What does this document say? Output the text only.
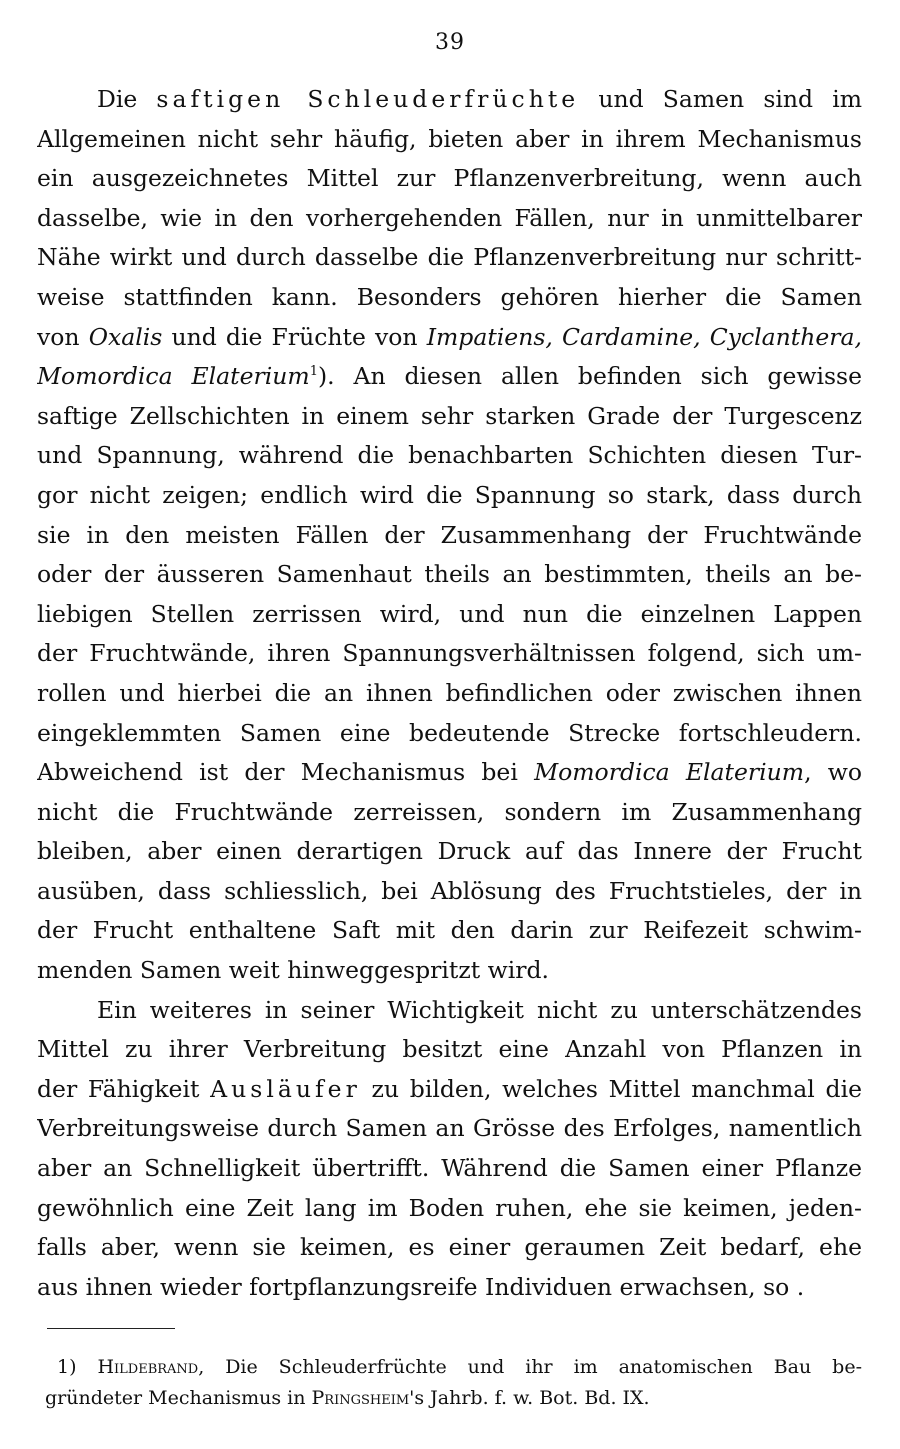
39
Die saftigen Schleuderfrüchte und Samen sind im
Allgemeinen nicht sehr häufig, bieten aber in ihrem Mechanismus
ein ausgezeichnetes Mittel zur Pflanzenverbreitung, wenn auch
dasselbe, wie in den vorhergehenden Fällen, nur in unmittelbarer
Nähe wirkt und durch dasselbe die Pflanzenverbreitung nur schritt-
weise stattfinden kann. Besonders gehören hierher die Samen
von Oxalis und die Früchte von Impatiens, Cardamine, Cyclanthera,
Momordica Elaterium$^1$). An diesen allen befinden sich gewisse
saftige Zellschichten in einem sehr starken Grade der Turgescenz
und Spannung, während die benachbarten Schichten diesen Tur-
gor nicht zeigen; endlich wird die Spannung so stark, dass durch
sie in den meisten Fällen der Zusammenhang der Fruchtwände
oder der äusseren Samenhaut theils an bestimmten, theils an be-
liebigen Stellen zerrissen wird, und nun die einzelnen Lappen
der Fruchtwände, ihren Spannungsverhältnissen folgend, sich um-
rollen und hierbei die an ihnen befindlichen oder zwischen ihnen
eingeklemmten Samen eine bedeutende Strecke fortschleudern.
Abweichend ist der Mechanismus bei Momordica Elaterium, wo
nicht die Fruchtwände zerreissen, sondern im Zusammenhang
bleiben, aber einen derartigen Druck auf das Innere der Frucht
ausüben, dass schliesslich, bei Ablösung des Fruchtstieles, der in
der Frucht enthaltene Saft mit den darin zur Reifezeit schwim-
menden Samen weit hinweggespritzt wird.
Ein weiteres in seiner Wichtigkeit nicht zu unterschätzendes
Mittel zu ihrer Verbreitung besitzt eine Anzahl von Pflanzen in
der Fähigkeit Ausläufer zu bilden, welches Mittel manchmal die
Verbreitungsweise durch Samen an Grösse des Erfolges, namentlich
aber an Schnelligkeit übertrifft. Während die Samen einer Pflanze
gewöhnlich eine Zeit lang im Boden ruhen, ehe sie keimen, jeden-
falls aber, wenn sie keimen, es einer geraumen Zeit bedarf, ehe
aus ihnen wieder fortpflanzungsreife Individuen erwachsen, so .
1) Hildebrand, Die Schleuderfrüchte und ihr im anatomischen Bau be-
gründeter Mechanismus in Pringsheim's Jahrb. f. w. Bot. Bd. IX.
